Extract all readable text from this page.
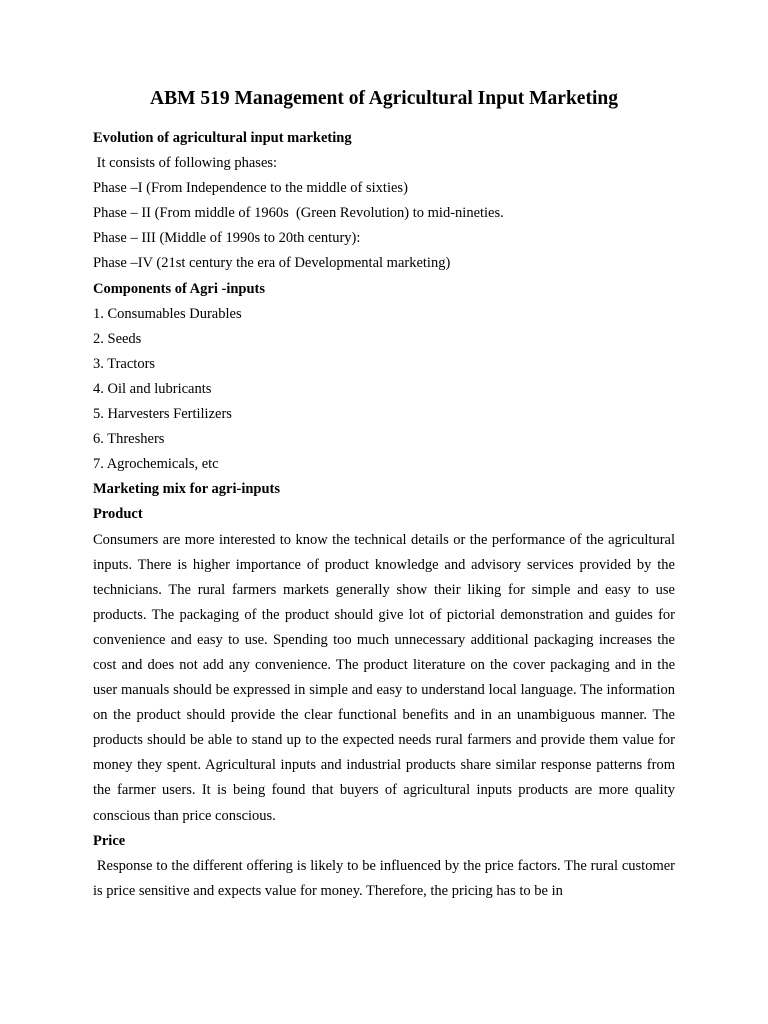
ABM 519 Management of Agricultural Input Marketing
Evolution of agricultural input marketing
It consists of following phases:
Phase –I (From Independence to the middle of sixties)
Phase – II (From middle of 1960s  (Green Revolution) to mid-nineties.
Phase – III (Middle of 1990s to 20th century):
Phase –IV (21st century the era of Developmental marketing)
Components of Agri -inputs
1. Consumables Durables
2. Seeds
3. Tractors
4. Oil and lubricants
5. Harvesters Fertilizers
6. Threshers
7. Agrochemicals, etc
Marketing mix for agri-inputs
Product
Consumers are more interested to know the technical details or the performance of the agricultural inputs. There is higher importance of product knowledge and advisory services provided by the technicians. The rural farmers markets generally show their liking for simple and easy to use products. The packaging of the product should give lot of pictorial demonstration and guides for convenience and easy to use. Spending too much unnecessary additional packaging increases the cost and does not add any convenience. The product literature on the cover packaging and in the user manuals should be expressed in simple and easy to understand local language. The information on the product should provide the clear functional benefits and in an unambiguous manner. The products should be able to stand up to the expected needs rural farmers and provide them value for money they spent. Agricultural inputs and industrial products share similar response patterns from the farmer users. It is being found that buyers of agricultural inputs products are more quality conscious than price conscious.
Price
Response to the different offering is likely to be influenced by the price factors. The rural customer is price sensitive and expects value for money. Therefore, the pricing has to be in
